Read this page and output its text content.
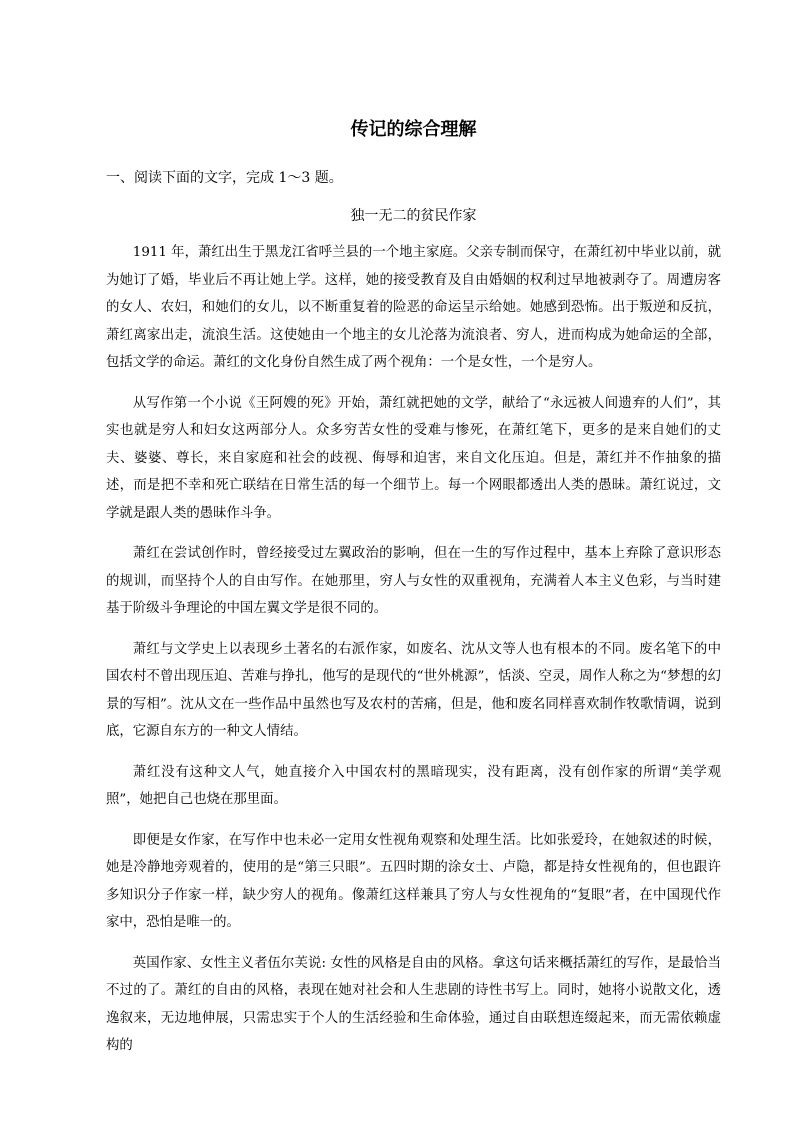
传记的综合理解
一、阅读下面的文字，完成 1～3 题。
独一无二的贫民作家

1911 年，萧红出生于黑龙江省呼兰县的一个地主家庭。父亲专制而保守，在萧红初中毕业以前，就为她订了婚，毕业后不再让她上学。这样，她的接受教育及自由婚姻的权利过早地被剥夺了。周遭房客的女人、农妇，和她们的女儿，以不断重复着的险恶的命运呈示给她。她感到恐怖。出于叛逆和反抗，萧红离家出走，流浪生活。这使她由一个地主的女儿沦落为流浪者、穷人，进而构成为她命运的全部，包括文学的命运。萧红的文化身份自然生成了两个视角：一个是女性，一个是穷人。

从写作第一个小说《王阿嫂的死》开始，萧红就把她的文学，献给了“永远被人间遗弃的人们”，其实也就是穷人和妇女这两部分人。众多穷苦女性的受难与惨死，在萧红笔下，更多的是来自她们的丈夫、婆婆、尊长，来自家庭和社会的歧视、侮辱和迫害，来自文化压迫。但是，萧红并不作抽象的描述，而是把不幸和死亡联结在日常生活的每一个细节上。每一个网眼都透出人类的愚昧。萧红说过，文学就是跟人类的愚昧作斗争。

萧红在尝试创作时，曾经接受过左翼政治的影响，但在一生的写作过程中，基本上弃除了意识形态的规训，而坚持个人的自由写作。在她那里，穷人与女性的双重视角，充满着人本主义色彩，与当时建基于阶级斗争理论的中国左翼文学是很不同的。

萧红与文学史上以表现乡土著名的右派作家，如废名、沈从文等人也有根本的不同。废名笔下的中国农村不曾出现压迫、苦难与挣扎，他写的是现代的“世外桃源”，恬淡、空灵，周作人称之为“梦想的幻景的写相”。沈从文在一些作品中虽然也写及农村的苦痛，但是，他和废名同样喜欢制作牧歌情调，说到底，它源自东方的一种文人情结。

萧红没有这种文人气，她直接介入中国农村的黑暗现实，没有距离，没有创作家的所谓“美学观照”，她把自己也烧在那里面。

即便是女作家，在写作中也未必一定用女性视角观察和处理生活。比如张爱玲，在她叙述的时候，她是冷静地旁观着的，使用的是“第三只眼”。五四时期的涂女士、卢隐，都是持女性视角的，但也跟许多知识分子作家一样，缺少穷人的视角。像萧红这样兼具了穷人与女性视角的“复眼”者，在中国现代作家中，恐怕是唯一的。

英国作家、女性主义者伍尔芙说: 女性的风格是自由的风格。拿这句话来概括萧红的写作，是最恰当不过的了。萧红的自由的风格，表现在她对社会和人生悲剧的诗性书写上。同时，她将小说散文化，透逸叙来，无边地伸展，只需忠实于个人的生活经验和生命体验，通过自由联想连缀起来，而无需依赖虚构的
